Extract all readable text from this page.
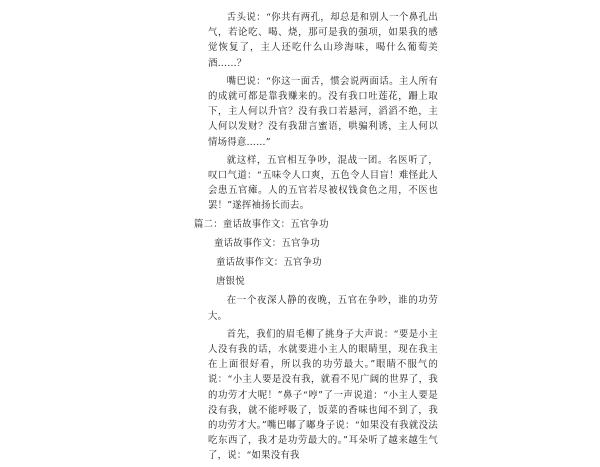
舌头说：“你共有两孔，却总是和别人一个鼻孔出气，若论吃、喝、烧，那可是我的强项，如果我的感觉恢复了，主人还吃什么山珍海味，喝什么葡萄美酒……？

嘴巴说：“你这一面舌，惯会说两面话。主人所有的成就可都是靠我赚来的。没有我口吐莲花，跚上取下，主人何以升官？没有我口若悬河，滔滔不绝，主人何以发财？没有我甜言蜜语，哄骗利诱，主人何以情场得意……”

就这样，五官相互争吵，混战一团。名医听了，叹口气道：“五味令人口爽，五色令人目盲！难怪此人会患五官瘫。人的五官若尽被权钱食色之用，不医也罢！”遂挥袖扬长而去。

篇二：童话故事作文：五官争功

童话故事作文：五官争功

童话故事作文：五官争功

唐银悦

在一个夜深人静的夜晚，五官在争吵，谁的功劳大。

首先，我们的眉毛柳了挑身子大声说：“要是小主人没有我的话，水就要进小主人的眼睛里，现在我主在上面很好看，所以我的功劳最大。”眼睛不服气的说：“小主人要是没有我，就看不见广阔的世界了，我的功劳才大呢！”鼻子“哼”了一声说道：“小主人要是没有我，就不能呼吸了，饭菜的香味也闻不到了，我的功劳才大。”嘴巴嘟了嘟身子说：“如果没有我就没法吃东西了，我才是功劳最大的。”耳朵听了越来越生气了，说：“如果没有我
